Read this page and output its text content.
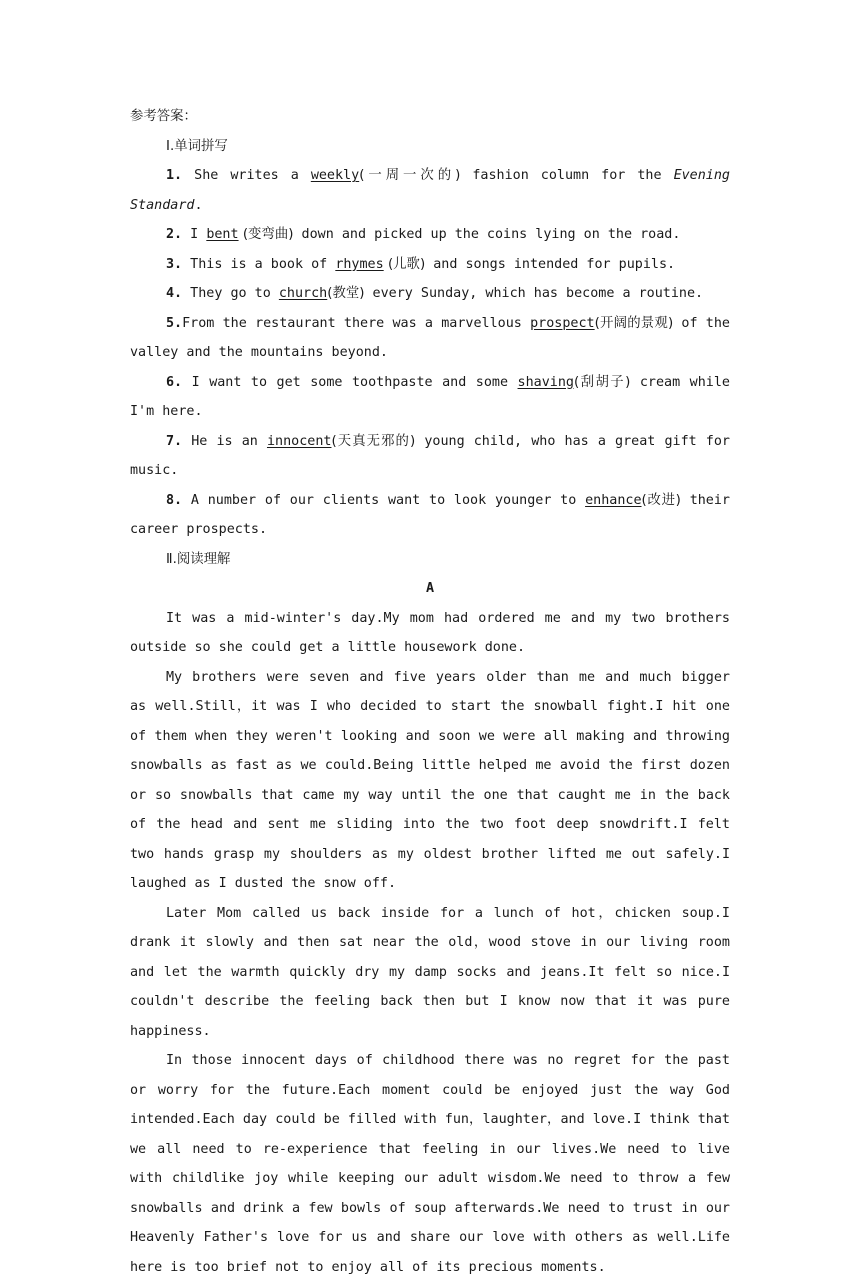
参考答案：

Ⅰ.单词拼写

1. She writes a weekly(一周一次的) fashion column for the Evening Standard.

2. I bent (变弯曲) down and picked up the coins lying on the road.

3. This is a book of rhymes (儿歌) and songs intended for pupils.

4. They go to church(教堂) every Sunday, which has become a routine.

5.From the restaurant there was a marvellous prospect(开阔的景观) of the valley and the mountains beyond.

6. I want to get some toothpaste and some shaving(刮胡子) cream while I'm here.

7. He is an innocent(天真无邪的) young child, who has a great gift for music.

8. A number of our clients want to look younger to enhance(改进) their career prospects.

Ⅱ.阅读理解

A

It was a mid-winter's day.My mom had ordered me and my two brothers outside so she could get a little housework done.

My brothers were seven and five years older than me and much bigger as well.Still，it was I who decided to start the snowball fight.I hit one of them when they weren't looking and soon we were all making and throwing snowballs as fast as we could.Being little helped me avoid the first dozen or so snowballs that came my way until the one that caught me in the back of the head and sent me sliding into the two foot deep snowdrift.I felt two hands grasp my shoulders as my oldest brother lifted me out safely.I laughed as I dusted the snow off.

Later Mom called us back inside for a lunch of hot，chicken soup.I drank it slowly and then sat near the old，wood stove in our living room and let the warmth quickly dry my damp socks and jeans.It felt so nice.I couldn't describe the feeling back then but I know now that it was pure happiness.

In those innocent days of childhood there was no regret for the past or worry for the future.Each moment could be enjoyed just the way God intended.Each day could be filled with fun，laughter，and love.I think that we all need to re-experience that feeling in our lives.We need to live with childlike joy while keeping our adult wisdom.We need to throw a few snowballs and drink a few bowls of soup afterwards.We need to trust in our Heavenly Father's love for us and share our love with others as well.Life here is too brief not to enjoy all of its precious moments.
